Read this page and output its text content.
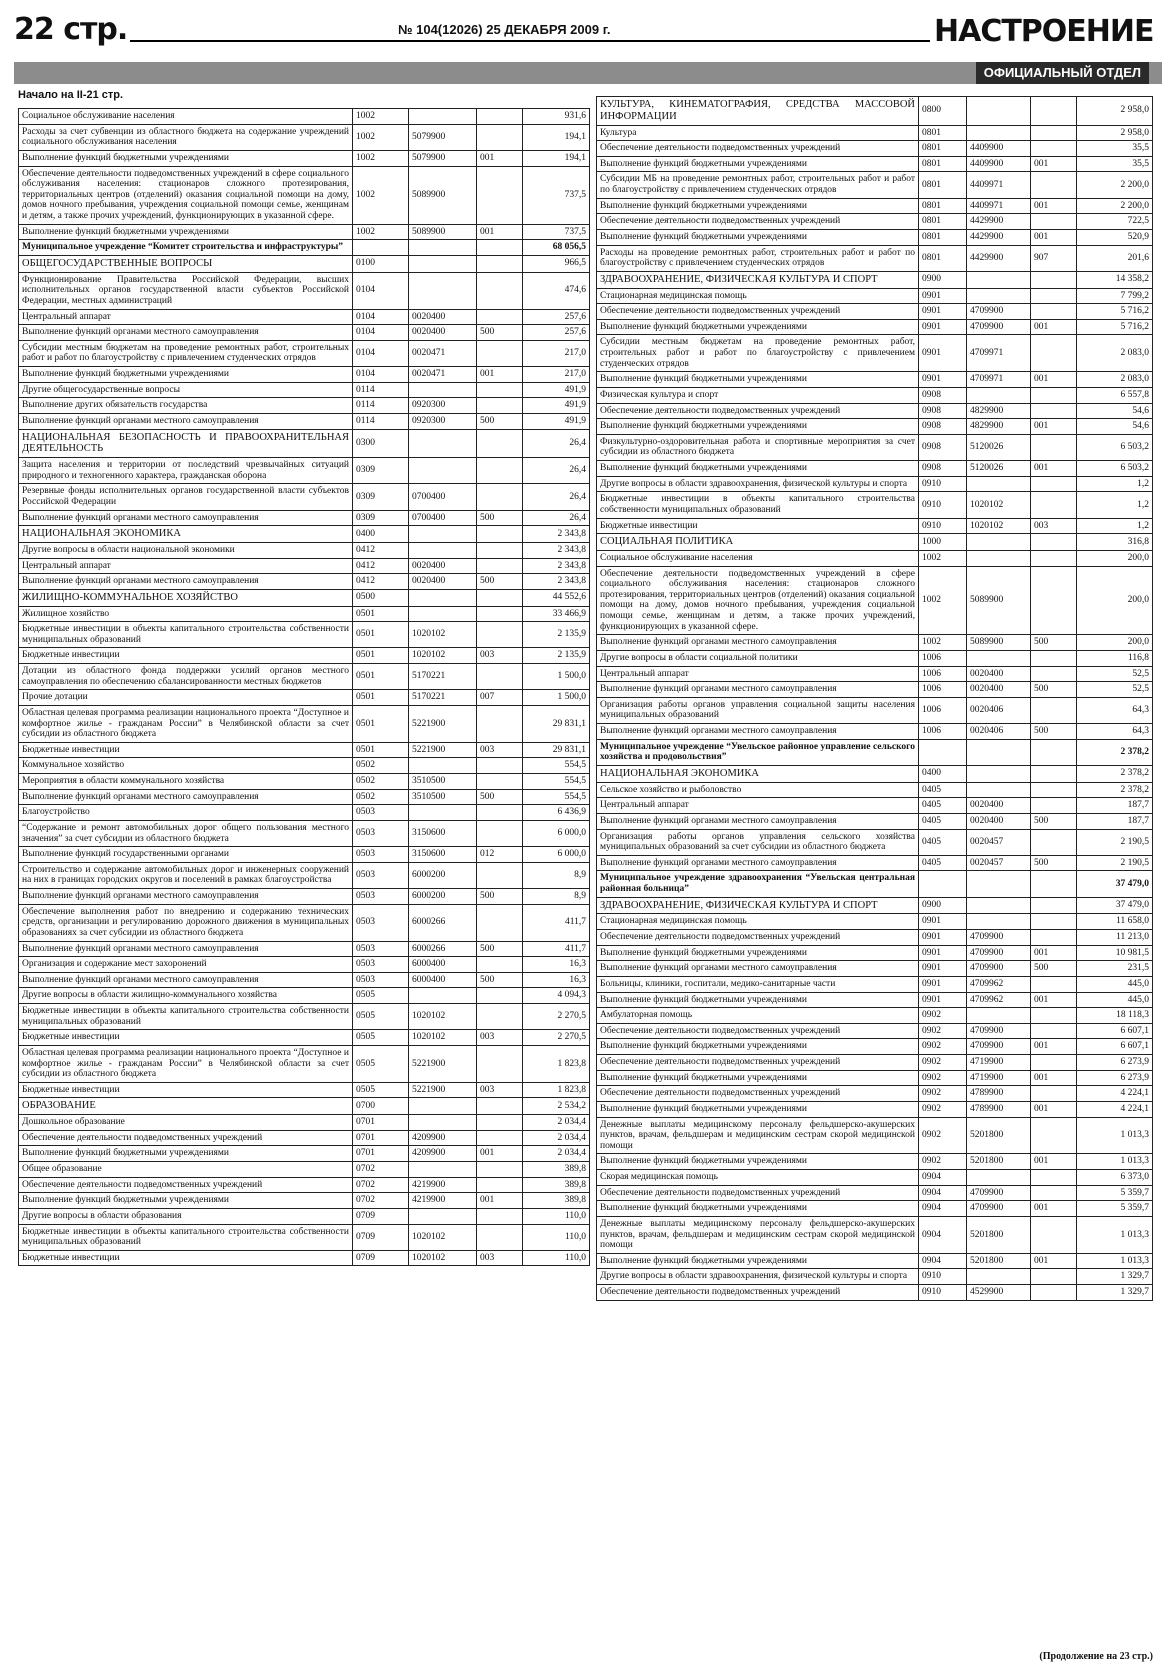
22 стр.	№ 104(12026) 25 ДЕКАБРЯ 2009 г.	НАСТРОЕНИЕ
ОФИЦИАЛЬНЫЙ ОТДЕЛ
Начало на II-21 стр.
Социальное обслуживание населения	1002			931,6
Расходы за счет субвенции из областного бюджета на содержание учреждений социального обслуживания населения	1002	5079900		194,1
Выполнение функций бюджетными учреждениями	1002	5079900	001	194,1
Обеспечение деятельности подведомственных учреждений в сфере социального обслуживания населения: стационаров сложного протезирования, территориальных центров (отделений) оказания социальной помощи на дому, домов ночного пребывания, учреждения социальной помощи семье, женщинам и детям, а также прочих учреждений, функционирующих в указанной сфере.	1002	5089900		737,5
Выполнение функций бюджетными учреждениями	1002	5089900	001	737,5
Муниципальное учреждение “Комитет строительства и инфраструктуры”				68 056,5
ОБЩЕГОСУДАРСТВЕННЫЕ ВОПРОСЫ	0100			966,5
Функционирование Правительства Российской Федерации, высших исполнительных органов государственной власти субъектов Российской Федерации, местных администраций	0104			474,6
Центральный аппарат	0104	0020400		257,6
Выполнение функций органами местного самоуправления	0104	0020400	500	257,6
Субсидии местным бюджетам на проведение ремонтных работ, строительных работ и работ по благоустройству с привлечением студенческих отрядов	0104	0020471		217,0
Выполнение функций бюджетными учреждениями	0104	0020471	001	217,0
Другие общегосударственные вопросы	0114			491,9
Выполнение других обязательств государства	0114	0920300		491,9
Выполнение функций органами местного самоуправления	0114	0920300	500	491,9
НАЦИОНАЛЬНАЯ БЕЗОПАСНОСТЬ И ПРАВООХРАНИТЕЛЬНАЯ ДЕЯТЕЛЬНОСТЬ	0300			26,4
Защита населения и территории от последствий чрезвычайных ситуаций природного и техногенного характера, гражданская оборона	0309			26,4
Резервные фонды исполнительных органов государственной власти субъектов Российской Федерации	0309	0700400		26,4
Выполнение функций органами местного самоуправления	0309	0700400	500	26,4
НАЦИОНАЛЬНАЯ ЭКОНОМИКА	0400			2 343,8
Другие вопросы в области национальной экономики	0412			2 343,8
Центральный аппарат	0412	0020400		2 343,8
Выполнение функций органами местного самоуправления	0412	0020400	500	2 343,8
ЖИЛИЩНО-КОММУНАЛЬНОЕ ХОЗЯЙСТВО	0500			44 552,6
Жилищное хозяйство	0501			33 466,9
Бюджетные инвестиции в объекты капитального строительства собственности муниципальных образований	0501	1020102		2 135,9
Бюджетные инвестиции	0501	1020102	003	2 135,9
Дотации из областного фонда поддержки усилий органов местного самоуправления по обеспечению сбалансированности местных бюджетов	0501	5170221		1 500,0
Прочие дотации	0501	5170221	007	1 500,0
Областная целевая программа реализации национального проекта “Доступное и комфортное жилье - гражданам России” в Челябинской области за счет субсидии из областного бюджета	0501	5221900		29 831,1
Бюджетные инвестиции	0501	5221900	003	29 831,1
Коммунальное хозяйство	0502			554,5
Мероприятия в области коммунального хозяйства	0502	3510500		554,5
Выполнение функций органами местного самоуправления	0502	3510500	500	554,5
Благоустройство	0503			6 436,9
“Содержание и ремонт автомобильных дорог общего пользования местного значения” за счет субсидии из областного бюджета	0503	3150600		6 000,0
Выполнение функций государственными органами	0503	3150600	012	6 000,0
Строительство и содержание автомобильных дорог и инженерных сооружений на них в границах городских округов и поселений в рамках благоустройства	0503	6000200		8,9
Выполнение функций органами местного самоуправления	0503	6000200	500	8,9
Обеспечение выполнения работ по внедрению и содержанию технических средств, организации и регулированию дорожного движения в муниципальных образованиях за счет субсидии из областного бюджета	0503	6000266		411,7
Выполнение функций органами местного самоуправления	0503	6000266	500	411,7
Организация и содержание мест захоронений	0503	6000400		16,3
Выполнение функций органами местного самоуправления	0503	6000400	500	16,3
Другие вопросы в области жилищно-коммунального хозяйства	0505			4 094,3
Бюджетные инвестиции в объекты капитального строительства собственности муниципальных образований	0505	1020102		2 270,5
Бюджетные инвестиции	0505	1020102	003	2 270,5
Областная целевая программа реализации национального проекта “Доступное и комфортное жилье - гражданам России” в Челябинской области за счет субсидии из областного бюджета	0505	5221900		1 823,8
Бюджетные инвестиции	0505	5221900	003	1 823,8
ОБРАЗОВАНИЕ	0700			2 534,2
Дошкольное образование	0701			2 034,4
Обеспечение деятельности подведомственных учреждений	0701	4209900		2 034,4
Выполнение функций бюджетными учреждениями	0701	4209900	001	2 034,4
Общее образование	0702			389,8
Обеспечение деятельности подведомственных учреждений	0702	4219900		389,8
Выполнение функций бюджетными учреждениями	0702	4219900	001	389,8
Другие вопросы в области образования	0709			110,0
Бюджетные инвестиции в объекты капитального строительства собственности муниципальных образований	0709	1020102		110,0
Бюджетные инвестиции	0709	1020102	003	110,0
КУЛЬТУРА, КИНЕМАТОГРАФИЯ, СРЕДСТВА МАССОВОЙ ИНФОРМАЦИИ	0800			2 958,0
Культура	0801			2 958,0
Обеспечение деятельности подведомственных учреждений	0801	4409900		35,5
Выполнение функций бюджетными учреждениями	0801	4409900	001	35,5
Субсидии МБ на проведение ремонтных работ, строительных работ и работ по благоустройству с привлечением студенческих отрядов	0801	4409971		2 200,0
Выполнение функций бюджетными учреждениями	0801	4409971	001	2 200,0
Обеспечение деятельности подведомственных учреждений	0801	4429900		722,5
Выполнение функций бюджетными учреждениями	0801	4429900	001	520,9
Расходы на проведение ремонтных работ, строительных работ и работ по благоустройству с привлечением студенческих отрядов	0801	4429900	907	201,6
ЗДРАВООХРАНЕНИЕ, ФИЗИЧЕСКАЯ КУЛЬТУРА И СПОРТ	0900			14 358,2
Стационарная медицинская помощь	0901			7 799,2
Обеспечение деятельности подведомственных учреждений	0901	4709900		5 716,2
Выполнение функций бюджетными учреждениями	0901	4709900	001	5 716,2
Субсидии местным бюджетам на проведение ремонтных работ, строительных работ и работ по благоустройству с привлечением студенческих отрядов	0901	4709971		2 083,0
Выполнение функций бюджетными учреждениями	0901	4709971	001	2 083,0
Физическая культура и спорт	0908			6 557,8
Обеспечение деятельности подведомственных учреждений	0908	4829900		54,6
Выполнение функций бюджетными учреждениями	0908	4829900	001	54,6
Физкультурно-оздоровительная работа и спортивные мероприятия за счет субсидии из областного бюджета	0908	5120026		6 503,2
Выполнение функций бюджетными учреждениями	0908	5120026	001	6 503,2
Другие вопросы в области здравоохранения, физической культуры и спорта	0910			1,2
Бюджетные инвестиции в объекты капитального строительства собственности муниципальных образований	0910	1020102		1,2
Бюджетные инвестиции	0910	1020102	003	1,2
СОЦИАЛЬНАЯ ПОЛИТИКА	1000			316,8
Социальное обслуживание населения	1002			200,0
Обеспечение деятельности подведомственных учреждений в сфере социального обслуживания населения: стационаров сложного протезирования, территориальных центров (отделений) оказания социальной помощи на дому, домов ночного пребывания, учреждения социальной помощи семье, женщинам и детям, а также прочих учреждений, функционирующих в указанной сфере.	1002	5089900		200,0
Выполнение функций органами местного самоуправления	1002	5089900	500	200,0
Другие вопросы в области социальной политики	1006			116,8
Центральный аппарат	1006	0020400		52,5
Выполнение функций органами местного самоуправления	1006	0020400	500	52,5
Организация работы органов управления социальной защиты населения муниципальных образований	1006	0020406		64,3
Выполнение функций органами местного самоуправления	1006	0020406	500	64,3
Муниципальное учреждение “Увельское районное управление сельского хозяйства и продовольствия”				2 378,2
НАЦИОНАЛЬНАЯ ЭКОНОМИКА	0400			2 378,2
Сельское хозяйство и рыболовство	0405			2 378,2
Центральный аппарат	0405	0020400		187,7
Выполнение функций органами местного самоуправления	0405	0020400	500	187,7
Организация работы органов управления сельского хозяйства муниципальных образований за счет субсидии из областного бюджета	0405	0020457		2 190,5
Выполнение функций органами местного самоуправления	0405	0020457	500	2 190,5
Муниципальное учреждение здравоохранения “Увельская центральная районная больница”				37 479,0
ЗДРАВООХРАНЕНИЕ, ФИЗИЧЕСКАЯ КУЛЬТУРА И СПОРТ	0900			37 479,0
Стационарная медицинская помощь	0901			11 658,0
Обеспечение деятельности подведомственных учреждений	0901	4709900		11 213,0
Выполнение функций бюджетными учреждениями	0901	4709900	001	10 981,5
Выполнение функций органами местного самоуправления	0901	4709900	500	231,5
Больницы, клиники, госпитали, медико-санитарные части	0901	4709962		445,0
Выполнение функций бюджетными учреждениями	0901	4709962	001	445,0
Амбулаторная помощь	0902			18 118,3
Обеспечение деятельности подведомственных учреждений	0902	4709900		6 607,1
Выполнение функций бюджетными учреждениями	0902	4709900	001	6 607,1
Обеспечение деятельности подведомственных учреждений	0902	4719900		6 273,9
Выполнение функций бюджетными учреждениями	0902	4719900	001	6 273,9
Обеспечение деятельности подведомственных учреждений	0902	4789900		4 224,1
Выполнение функций бюджетными учреждениями	0902	4789900	001	4 224,1
Денежные выплаты медицинскому персоналу фельдшерско-акушерских пунктов, врачам, фельдшерам и медицинским сестрам скорой медицинской помощи	0902	5201800		1 013,3
Выполнение функций бюджетными учреждениями	0902	5201800	001	1 013,3
Скорая медицинская помощь	0904			6 373,0
Обеспечение деятельности подведомственных учреждений	0904	4709900		5 359,7
Выполнение функций бюджетными учреждениями	0904	4709900	001	5 359,7
Денежные выплаты медицинскому персоналу фельдшерско-акушерских пунктов, врачам, фельдшерам и медицинским сестрам скорой медицинской помощи	0904	5201800		1 013,3
Выполнение функций бюджетными учреждениями	0904	5201800	001	1 013,3
Другие вопросы в области здравоохранения, физической культуры и спорта	0910			1 329,7
Обеспечение деятельности подведомственных учреждений	0910	4529900		1 329,7
(Продолжение на 23 стр.)
